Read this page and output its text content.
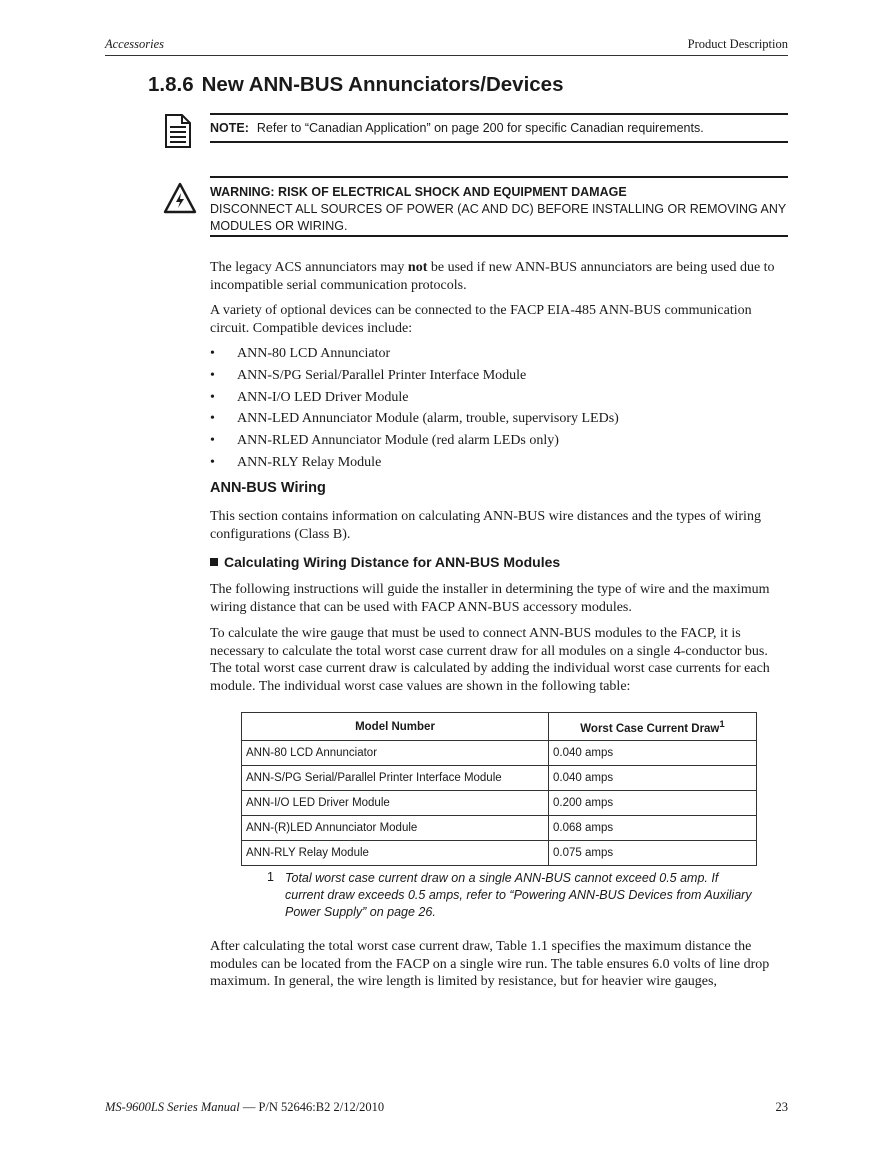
Accessories	Product Description
1.8.6 New ANN-BUS Annunciators/Devices
NOTE: Refer to “Canadian Application” on page 200 for specific Canadian requirements.
WARNING: RISK OF ELECTRICAL SHOCK AND EQUIPMENT DAMAGE
DISCONNECT ALL SOURCES OF POWER (AC AND DC) BEFORE INSTALLING OR REMOVING ANY MODULES OR WIRING.
The legacy ACS annunciators may not be used if new ANN-BUS annunciators are being used due to incompatible serial communication protocols.
A variety of optional devices can be connected to the FACP EIA-485 ANN-BUS communication circuit. Compatible devices include:
• ANN-80 LCD Annunciator
• ANN-S/PG Serial/Parallel Printer Interface Module
• ANN-I/O LED Driver Module
• ANN-LED Annunciator Module (alarm, trouble, supervisory LEDs)
• ANN-RLED Annunciator Module (red alarm LEDs only)
• ANN-RLY Relay Module
ANN-BUS Wiring
This section contains information on calculating ANN-BUS wire distances and the types of wiring configurations (Class B).
Calculating Wiring Distance for ANN-BUS Modules
The following instructions will guide the installer in determining the type of wire and the maximum wiring distance that can be used with FACP ANN-BUS accessory modules.
To calculate the wire gauge that must be used to connect ANN-BUS modules to the FACP, it is necessary to calculate the total worst case current draw for all modules on a single 4-conductor bus. The total worst case current draw is calculated by adding the individual worst case currents for each module. The individual worst case values are shown in the following table:
Model Number	Worst Case Current Draw$^1$
ANN-80 LCD Annunciator	0.040 amps
ANN-S/PG Serial/Parallel Printer Interface Module	0.040 amps
ANN-I/O LED Driver Module	0.200 amps
ANN-(R)LED Annunciator Module	0.068 amps
ANN-RLY Relay Module	0.075 amps
1 Total worst case current draw on a single ANN-BUS cannot exceed 0.5 amp. If current draw exceeds 0.5 amps, refer to “Powering ANN-BUS Devices from Auxiliary Power Supply” on page 26.
After calculating the total worst case current draw, Table 1.1 specifies the maximum distance the modules can be located from the FACP on a single wire run. The table ensures 6.0 volts of line drop maximum. In general, the wire length is limited by resistance, but for heavier wire gauges,
MS-9600LS Series Manual — P/N 52646:B2 2/12/2010	23
